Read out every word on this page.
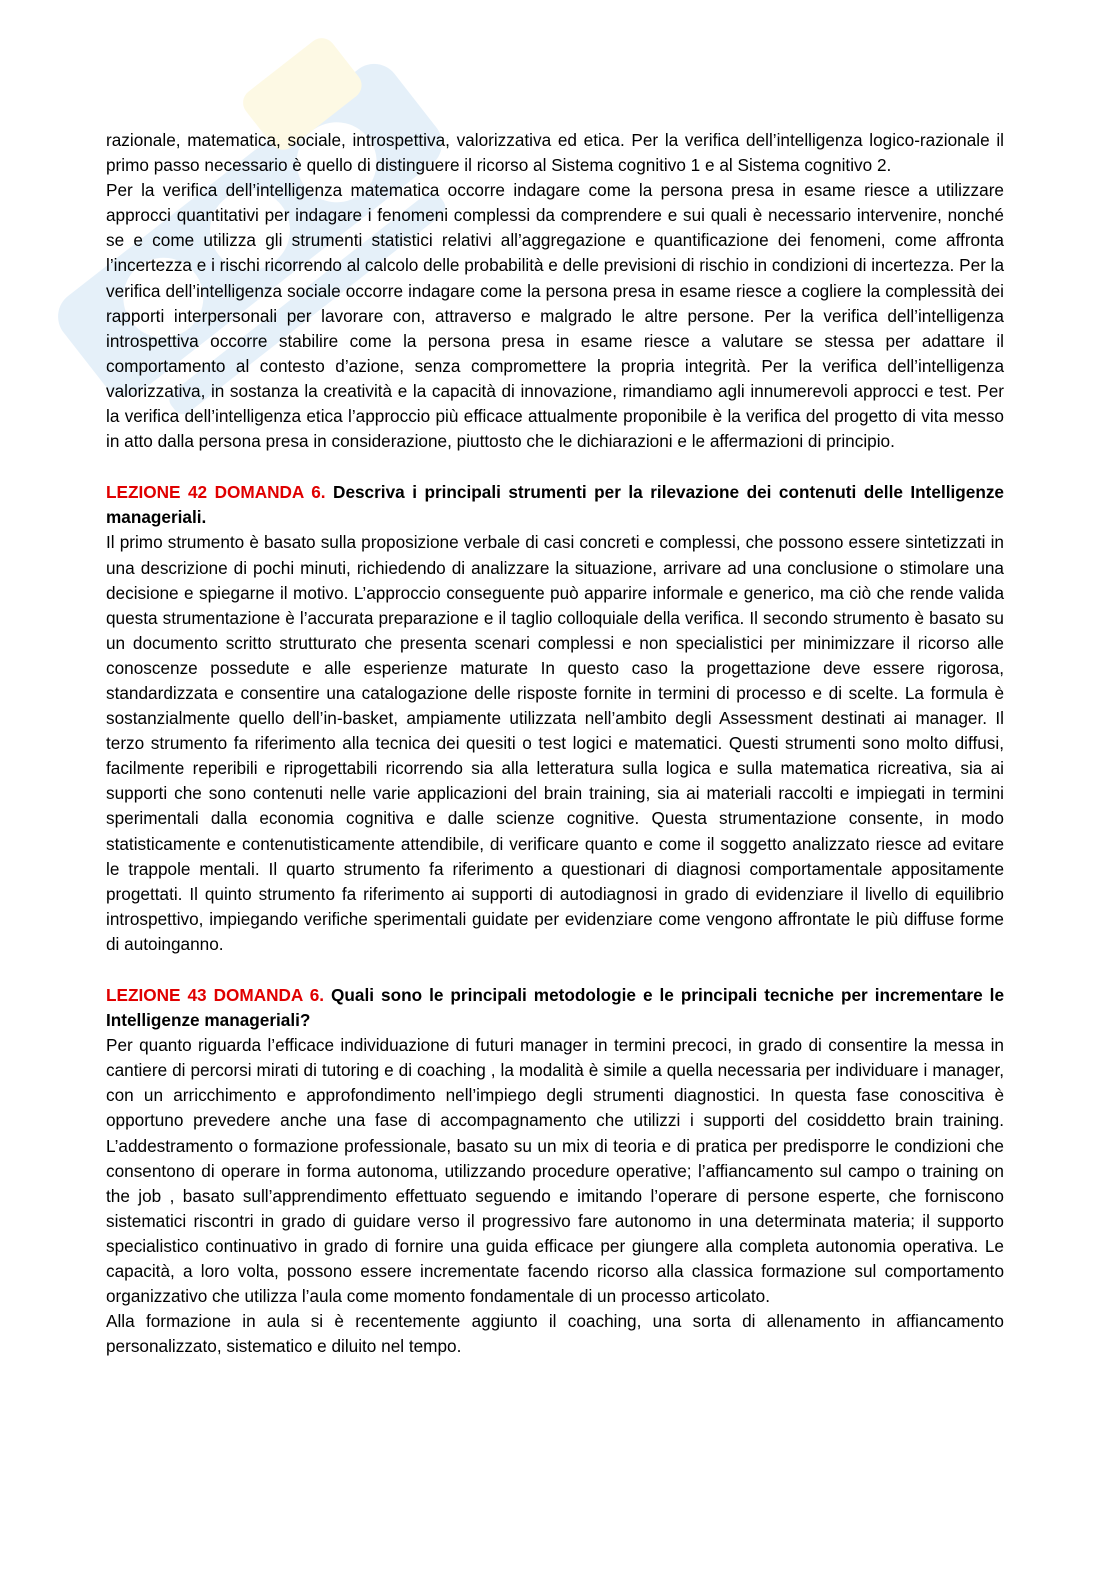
razionale, matematica, sociale, introspettiva, valorizzativa ed etica. Per la verifica dell’intelligenza logico-razionale il primo passo necessario è quello di distinguere il ricorso al Sistema cognitivo 1 e al Sistema cognitivo 2.

Per la verifica dell’intelligenza matematica occorre indagare come la persona presa in esame riesce a utilizzare approcci quantitativi per indagare i fenomeni complessi da comprendere e sui quali è necessario intervenire, nonché se e come utilizza gli strumenti statistici relativi all’aggregazione e quantificazione dei fenomeni, come affronta l’incertezza e i rischi ricorrendo al calcolo delle probabilità e delle previsioni di rischio in condizioni di incertezza. Per la verifica dell’intelligenza sociale occorre indagare come la persona presa in esame riesce a cogliere la complessità dei rapporti interpersonali per lavorare con, attraverso e malgrado le altre persone. Per la verifica dell’intelligenza introspettiva occorre stabilire come la persona presa in esame riesce a valutare se stessa per adattare il comportamento al contesto d’azione, senza compromettere la propria integrità. Per la verifica dell’intelligenza valorizzativa, in sostanza la creatività e la capacità di innovazione, rimandiamo agli innumerevoli approcci e test. Per la verifica dell’intelligenza etica l’approccio più efficace attualmente proponibile è la verifica del progetto di vita messo in atto dalla persona presa in considerazione, piuttosto che le dichiarazioni e le affermazioni di principio.

LEZIONE 42 DOMANDA 6. Descriva i principali strumenti per la rilevazione dei contenuti delle Intelligenze manageriali.

Il primo strumento è basato sulla proposizione verbale di casi concreti e complessi, che possono essere sintetizzati in una descrizione di pochi minuti, richiedendo di analizzare la situazione, arrivare ad una conclusione o stimolare una decisione e spiegarne il motivo. L’approccio conseguente può apparire informale e generico, ma ciò che rende valida questa strumentazione è l’accurata preparazione e il taglio colloquiale della verifica. Il secondo strumento è basato su un documento scritto strutturato che presenta scenari complessi e non specialistici per minimizzare il ricorso alle conoscenze possedute e alle esperienze maturate In questo caso la progettazione deve essere rigorosa, standardizzata e consentire una catalogazione delle risposte fornite in termini di processo e di scelte. La formula è sostanzialmente quello dell’in-basket, ampiamente utilizzata nell’ambito degli Assessment destinati ai manager. Il terzo strumento fa riferimento alla tecnica dei quesiti o test logici e matematici. Questi strumenti sono molto diffusi, facilmente reperibili e riprogettabili ricorrendo sia alla letteratura sulla logica e sulla matematica ricreativa, sia ai supporti che sono contenuti nelle varie applicazioni del brain training, sia ai materiali raccolti e impiegati in termini sperimentali dalla economia cognitiva e dalle scienze cognitive. Questa strumentazione consente, in modo statisticamente e contenutisticamente attendibile, di verificare quanto e come il soggetto analizzato riesce ad evitare le trappole mentali. Il quarto strumento fa riferimento a questionari di diagnosi comportamentale appositamente progettati. Il quinto strumento fa riferimento ai supporti di autodiagnosi in grado di evidenziare il livello di equilibrio introspettivo, impiegando verifiche sperimentali guidate per evidenziare come vengono affrontate le più diffuse forme di autoinganno.

LEZIONE 43 DOMANDA 6. Quali sono le principali metodologie e le principali tecniche per incrementare le Intelligenze manageriali?

Per quanto riguarda l’efficace individuazione di futuri manager in termini precoci, in grado di consentire la messa in cantiere di percorsi mirati di tutoring e di coaching , la modalità è simile a quella necessaria per individuare i manager, con un arricchimento e approfondimento nell’impiego degli strumenti diagnostici. In questa fase conoscitiva è opportuno prevedere anche una fase di accompagnamento che utilizzi i supporti del cosiddetto brain training. L’addestramento o formazione professionale, basato su un mix di teoria e di pratica per predisporre le condizioni che consentono di operare in forma autonoma, utilizzando procedure operative; l’affiancamento sul campo o training on the job , basato sull’apprendimento effettuato seguendo e imitando l’operare di persone esperte, che forniscono sistematici riscontri in grado di guidare verso il progressivo fare autonomo in una determinata materia; il supporto specialistico continuativo in grado di fornire una guida efficace per giungere alla completa autonomia operativa. Le capacità, a loro volta, possono essere incrementate facendo ricorso alla classica formazione sul comportamento organizzativo che utilizza l’aula come momento fondamentale di un processo articolato.

Alla formazione in aula si è recentemente aggiunto il coaching, una sorta di allenamento in affiancamento personalizzato, sistematico e diluito nel tempo.
